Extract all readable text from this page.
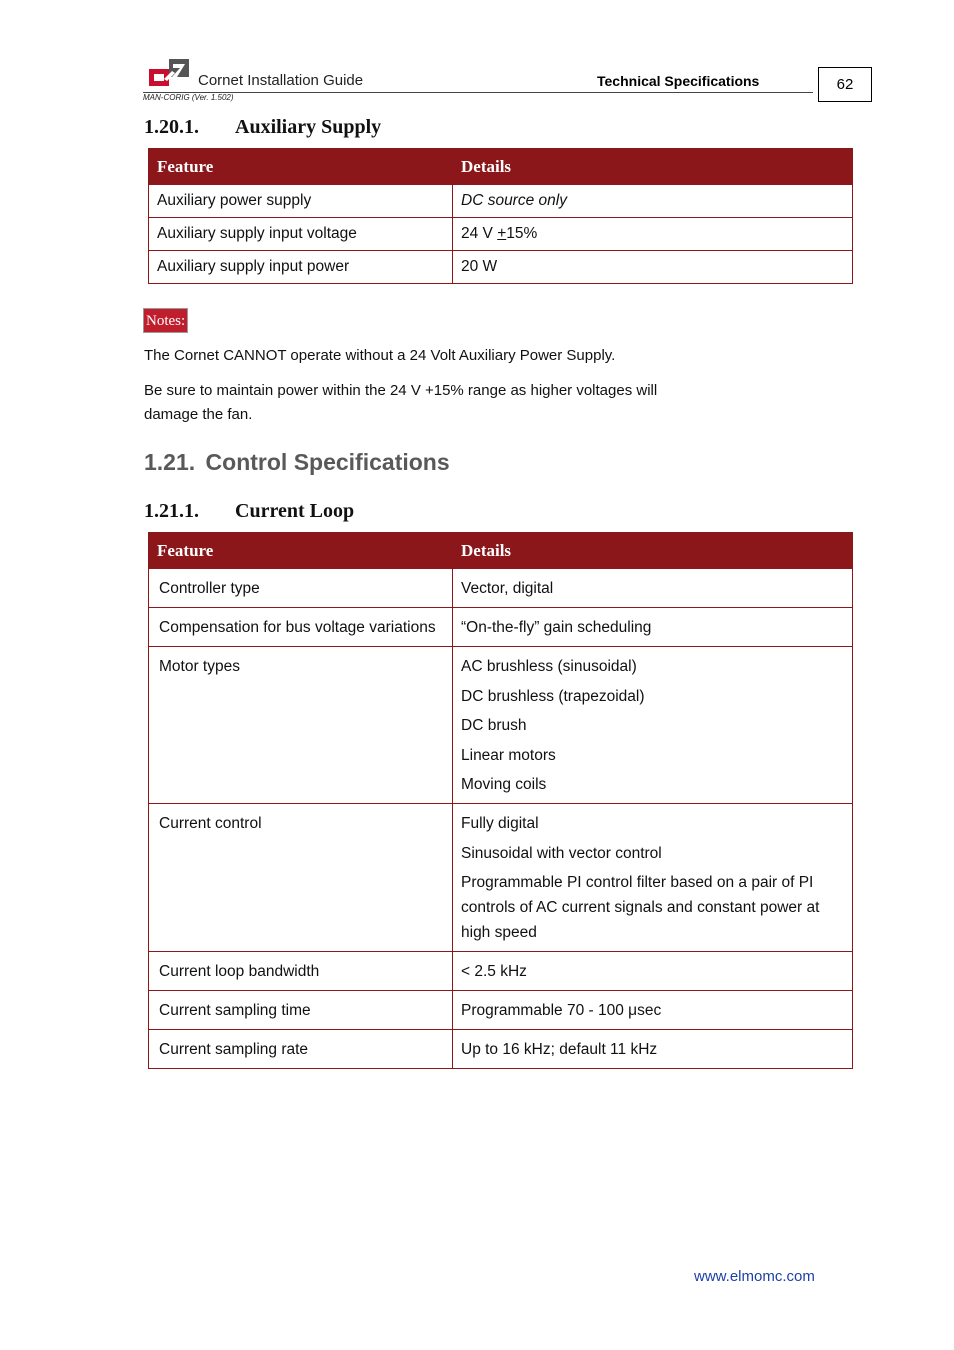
Cornet Installation Guide	Technical Specifications
MAN-CORIG (Ver. 1.502)
62
1.20.1. Auxiliary Supply
Feature	Details
Auxiliary power supply	DC source only
Auxiliary supply input voltage	24 V +15%
Auxiliary supply input power	20 W
Notes:
The Cornet CANNOT operate without a 24 Volt Auxiliary Power Supply.
Be sure to maintain power within the 24 V +15% range as higher voltages will
damage the fan.
1.21. Control Specifications
1.21.1. Current Loop
Feature	Details
Controller type	Vector, digital

Compensation for bus voltage variations	“On-the-fly” gain scheduling

Motor types	AC brushless (sinusoidal)
DC brushless (trapezoidal)
DC brush
Linear motors
Moving coils

Current control	Fully digital
Sinusoidal with vector control
Programmable PI control filter based on a pair of PI controls of AC current signals and constant power at high speed

Current loop bandwidth	< 2.5 kHz

Current sampling time	Programmable 70 - 100 μsec

Current sampling rate	Up to 16 kHz; default 11 kHz
www.elmomc.com
